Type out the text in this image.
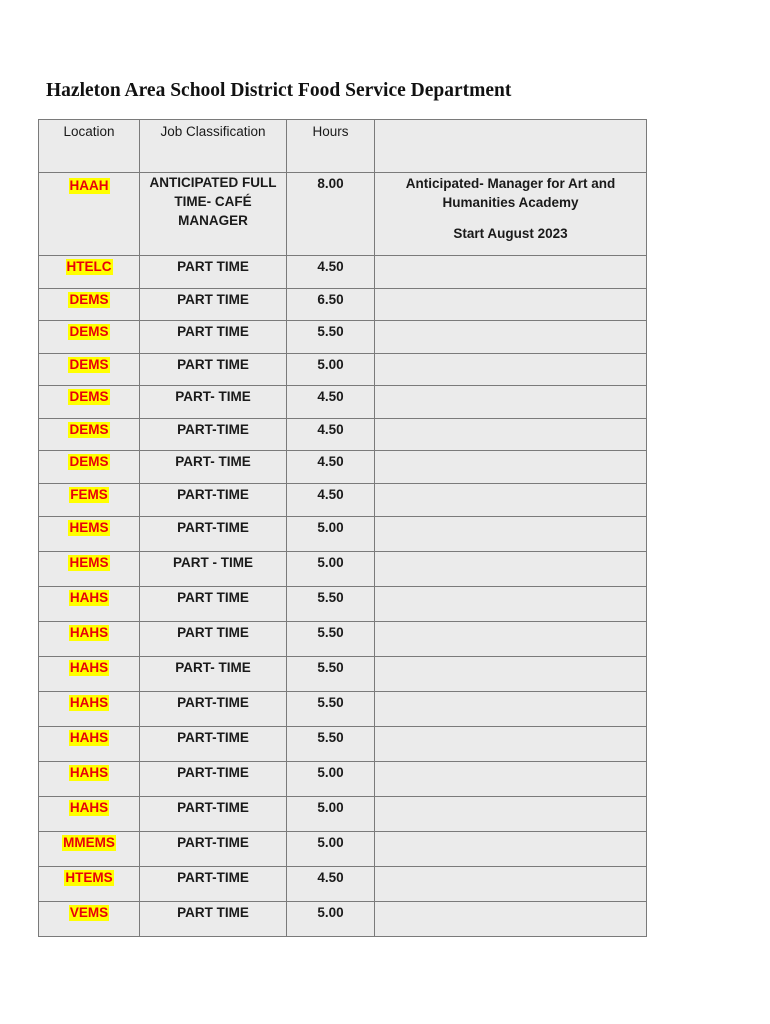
Hazleton Area School District Food Service Department
Location	Job Classification	Hours	
HAAH	ANTICIPATED FULL
TIME- CAFÉ
MANAGER	8.00	Anticipated- Manager for Art and
Humanities Academy
Start August 2023

HTELC	PART TIME	4.50	
DEMS	PART TIME	6.50	
DEMS	PART TIME	5.50	
DEMS	PART TIME	5.00	
DEMS	PART- TIME	4.50	
DEMS	PART-TIME	4.50	
DEMS	PART- TIME	4.50	
FEMS	PART-TIME	4.50	
HEMS	PART-TIME	5.00	
HEMS	PART - TIME	5.00	
HAHS	PART TIME	5.50	
HAHS	PART TIME	5.50	
HAHS	PART- TIME	5.50	
HAHS	PART-TIME	5.50	
HAHS	PART-TIME	5.50	
HAHS	PART-TIME	5.00	
HAHS	PART-TIME	5.00	
MMEMS	PART-TIME	5.00	
HTEMS	PART-TIME	4.50	
VEMS	PART TIME	5.00	
